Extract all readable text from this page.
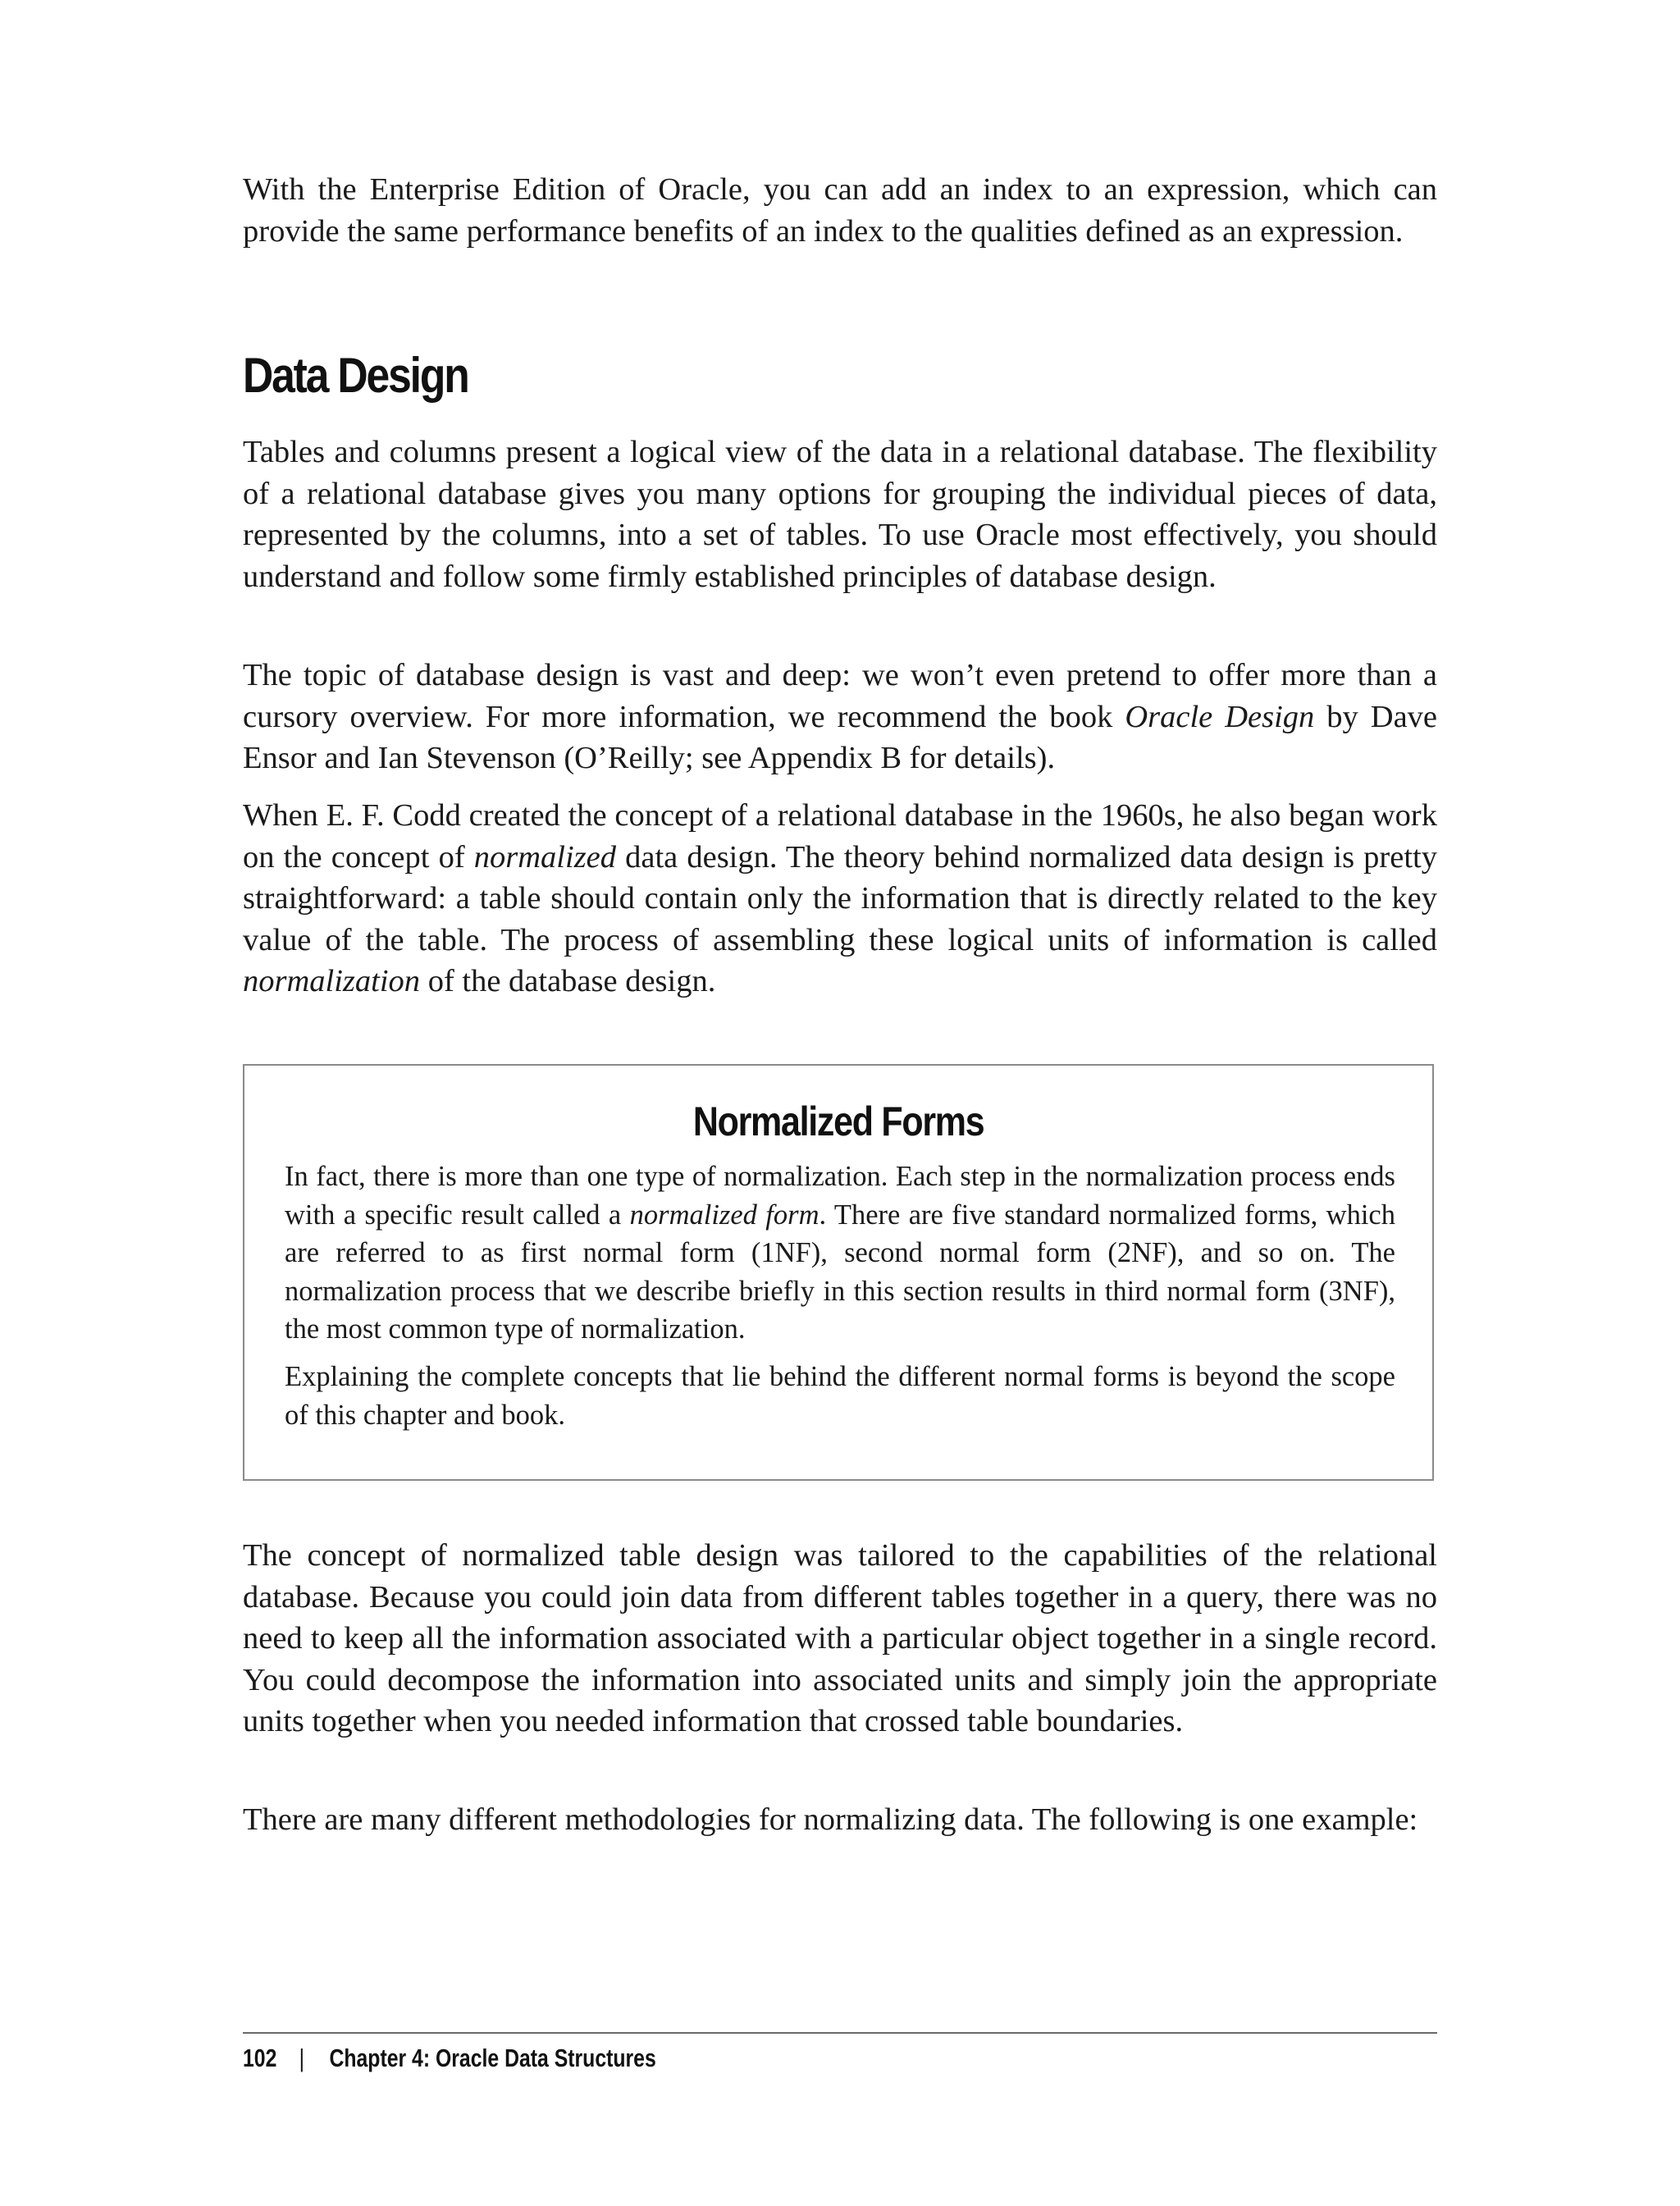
With the Enterprise Edition of Oracle, you can add an index to an expression, which can provide the same performance benefits of an index to the qualities defined as an expression.

Data Design

Tables and columns present a logical view of the data in a relational database. The flexibility of a relational database gives you many options for grouping the individual pieces of data, represented by the columns, into a set of tables. To use Oracle most effectively, you should understand and follow some firmly established principles of database design.

The topic of database design is vast and deep: we won’t even pretend to offer more than a cursory overview. For more information, we recommend the book Oracle Design by Dave Ensor and Ian Stevenson (O’Reilly; see Appendix B for details).

When E. F. Codd created the concept of a relational database in the 1960s, he also began work on the concept of normalized data design. The theory behind normalized data design is pretty straightforward: a table should contain only the information that is directly related to the key value of the table. The process of assembling these logical units of information is called normalization of the database design.

Normalized Forms

In fact, there is more than one type of normalization. Each step in the normalization process ends with a specific result called a normalized form. There are five standard normalized forms, which are referred to as first normal form (1NF), second normal form (2NF), and so on. The normalization process that we describe briefly in this section results in third normal form (3NF), the most common type of normalization.

Explaining the complete concepts that lie behind the different normal forms is beyond the scope of this chapter and book.

The concept of normalized table design was tailored to the capabilities of the relational database. Because you could join data from different tables together in a query, there was no need to keep all the information associated with a particular object together in a single record. You could decompose the information into associated units and simply join the appropriate units together when you needed information that crossed table boundaries.

There are many different methodologies for normalizing data. The following is one example:

102 | Chapter 4: Oracle Data Structures
